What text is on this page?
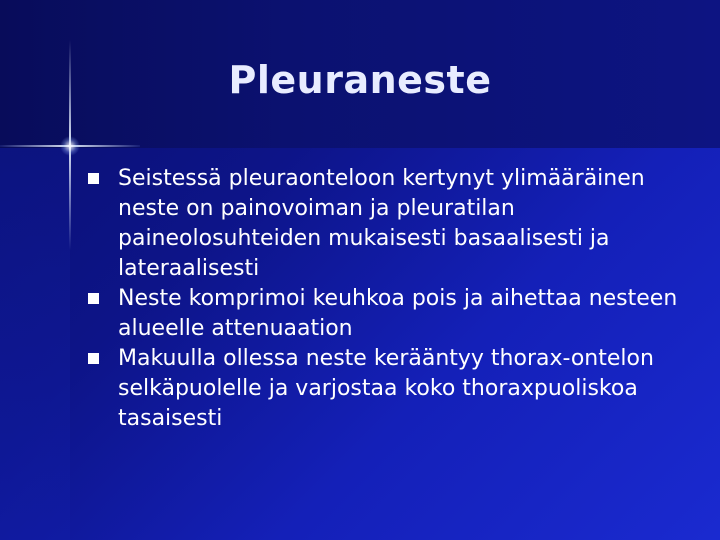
Pleuraneste
Seistessä pleuraonteloon kertynyt ylimääräinen neste on painovoiman ja pleuratilan paineolosuhteiden mukaisesti basaalisesti ja lateraalisesti
Neste komprimoi keuhkoa pois ja aihettaa nesteen alueelle attenuaation
Makuulla ollessa neste kerääntyy thorax-ontelon selkäpuolelle ja varjostaa koko thoraxpuoliskoa tasaisesti
